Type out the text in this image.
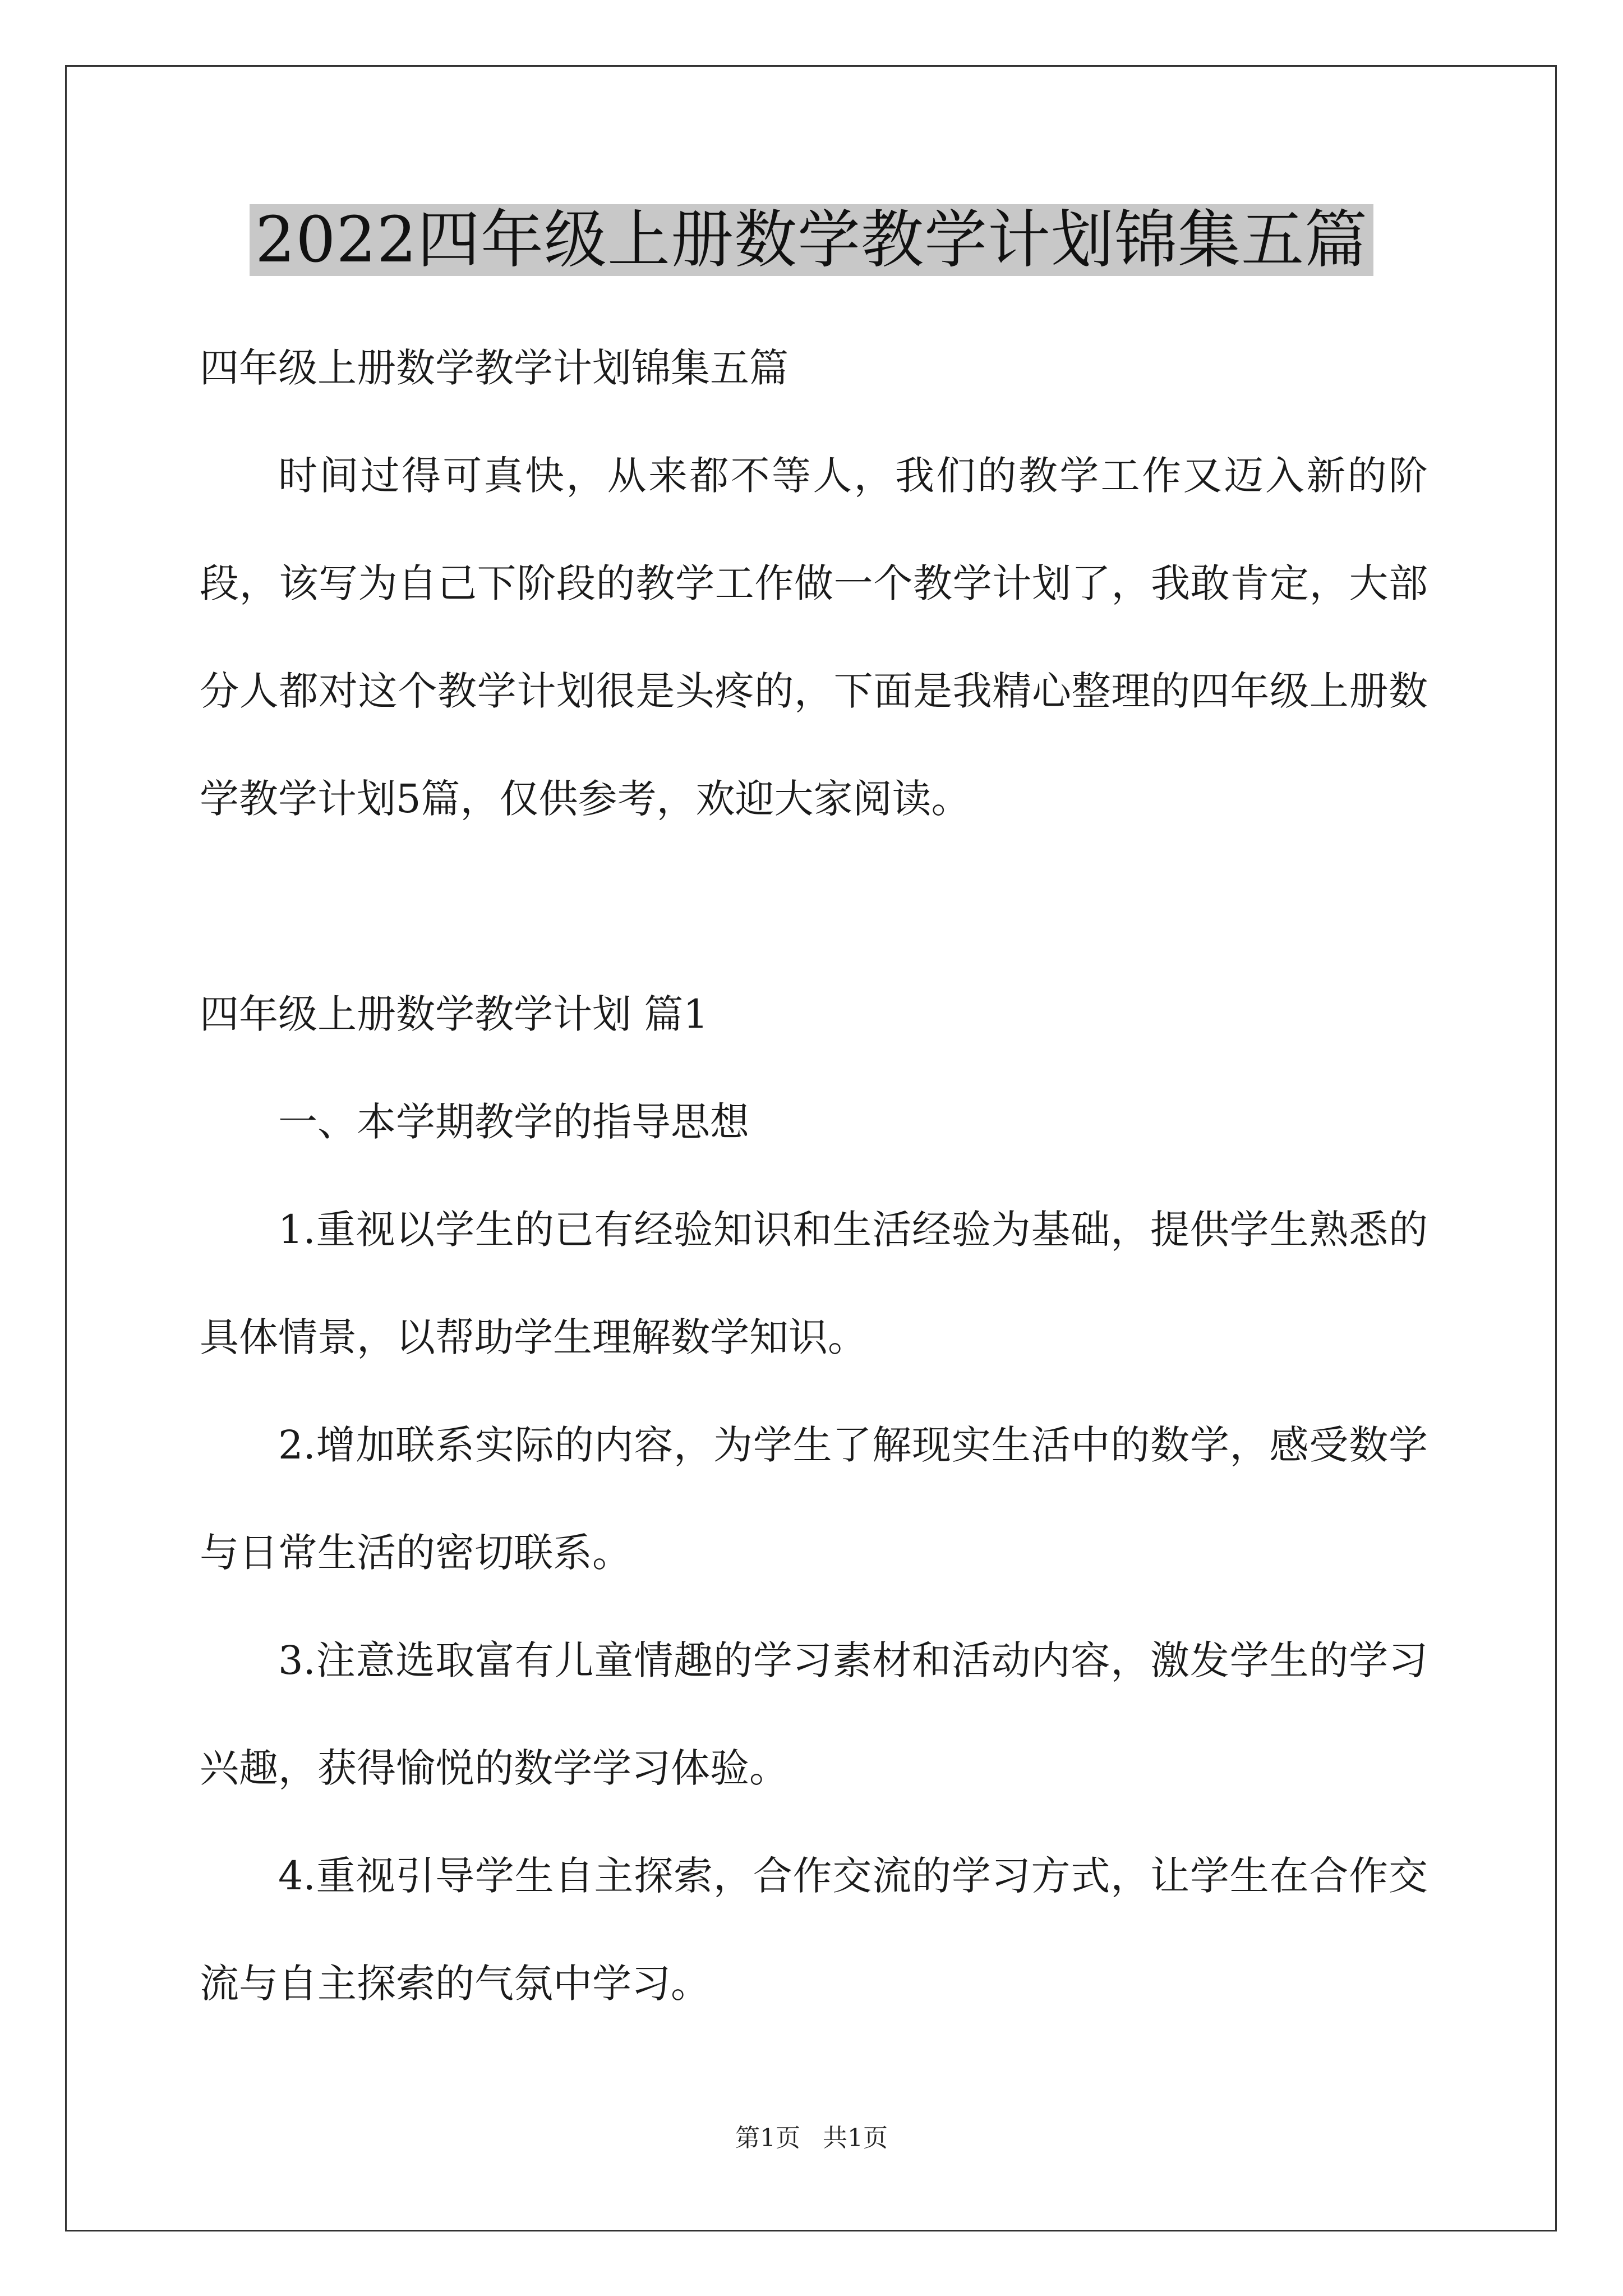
2022四年级上册数学教学计划锦集五篇

四年级上册数学教学计划锦集五篇

时间过得可真快，从来都不等人，我们的教学工作又迈入新的阶段，该写为自己下阶段的教学工作做一个教学计划了，我敢肯定，大部分人都对这个教学计划很是头疼的，下面是我精心整理的四年级上册数学教学计划5篇，仅供参考，欢迎大家阅读。

四年级上册数学教学计划 篇1

一、本学期教学的指导思想

1.重视以学生的已有经验知识和生活经验为基础，提供学生熟悉的具体情景，以帮助学生理解数学知识。

2.增加联系实际的内容，为学生了解现实生活中的数学，感受数学与日常生活的密切联系。

3.注意选取富有儿童情趣的学习素材和活动内容，激发学生的学习兴趣，获得愉悦的数学学习体验。

4.重视引导学生自主探索，合作交流的学习方式，让学生在合作交流与自主探索的气氛中学习。

第1页 共1页
